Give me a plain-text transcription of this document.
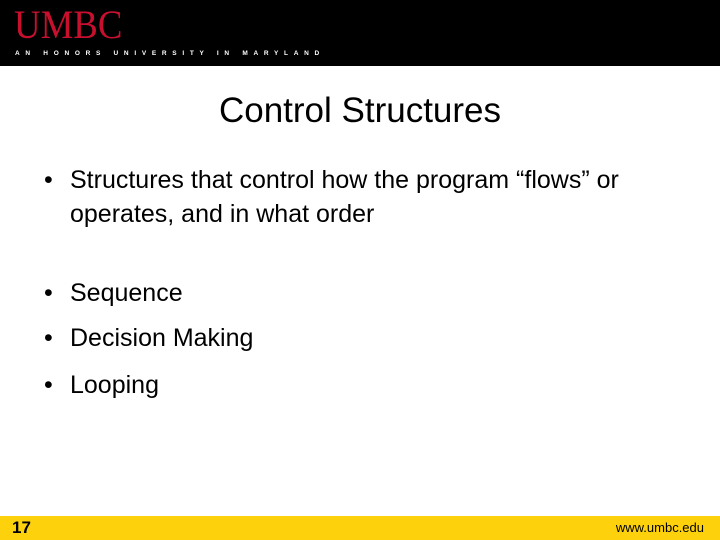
UMBC
AN HONORS UNIVERSITY IN MARYLAND
Control Structures
• Structures that control how the program “flows” or operates, and in what order
• Sequence
• Decision Making
• Looping
17	www.umbc.edu
